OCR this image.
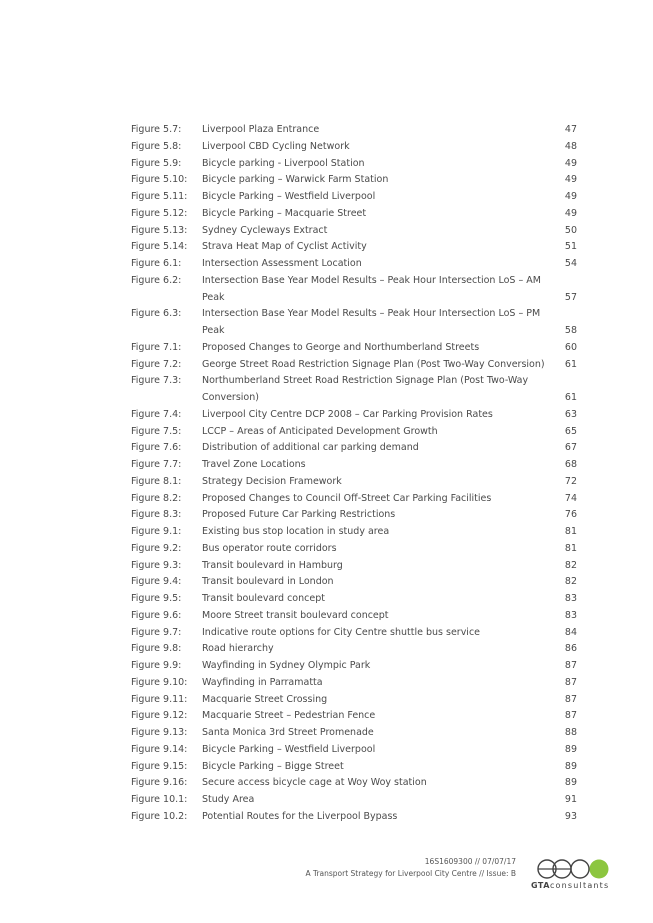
Figure 5.7:	Liverpool Plaza Entrance	47
Figure 5.8:	Liverpool CBD Cycling Network	48
Figure 5.9:	Bicycle parking - Liverpool Station	49
Figure 5.10:	Bicycle parking – Warwick Farm Station	49
Figure 5.11:	Bicycle Parking – Westfield Liverpool	49
Figure 5.12:	Bicycle Parking – Macquarie Street	49
Figure 5.13:	Sydney Cycleways Extract	50
Figure 5.14:	Strava Heat Map of Cyclist Activity	51
Figure 6.1:	Intersection Assessment Location	54
Figure 6.2:	Intersection Base Year Model Results – Peak Hour Intersection LoS – AM Peak	57
Figure 6.3:	Intersection Base Year Model Results – Peak Hour Intersection LoS – PM Peak	58
Figure 7.1:	Proposed Changes to George and Northumberland Streets	60
Figure 7.2:	George Street Road Restriction Signage Plan (Post Two-Way Conversion)	61
Figure 7.3:	Northumberland Street Road Restriction Signage Plan (Post Two-Way Conversion)	61
Figure 7.4:	Liverpool City Centre DCP 2008 – Car Parking Provision Rates	63
Figure 7.5:	LCCP – Areas of Anticipated Development Growth	65
Figure 7.6:	Distribution of additional car parking demand	67
Figure 7.7:	Travel Zone Locations	68
Figure 8.1:	Strategy Decision Framework	72
Figure 8.2:	Proposed Changes to Council Off-Street Car Parking Facilities	74
Figure 8.3:	Proposed Future Car Parking Restrictions	76
Figure 9.1:	Existing bus stop location in study area	81
Figure 9.2:	Bus operator route corridors	81
Figure 9.3:	Transit boulevard in Hamburg	82
Figure 9.4:	Transit boulevard in London	82
Figure 9.5:	Transit boulevard concept	83
Figure 9.6:	Moore Street transit boulevard concept	83
Figure 9.7:	Indicative route options for City Centre shuttle bus service	84
Figure 9.8:	Road hierarchy	86
Figure 9.9:	Wayfinding in Sydney Olympic Park	87
Figure 9.10:	Wayfinding in Parramatta	87
Figure 9.11:	Macquarie Street Crossing	87
Figure 9.12:	Macquarie Street – Pedestrian Fence	87
Figure 9.13:	Santa Monica 3rd Street Promenade	88
Figure 9.14:	Bicycle Parking – Westfield Liverpool	89
Figure 9.15:	Bicycle Parking – Bigge Street	89
Figure 9.16:	Secure access bicycle cage at Woy Woy station	89
Figure 10.1:	Study Area	91
Figure 10.2:	Potential Routes for the Liverpool Bypass	93
16S1609300 // 07/07/17
A Transport Strategy for Liverpool City Centre // Issue: B
GTAconsultants
